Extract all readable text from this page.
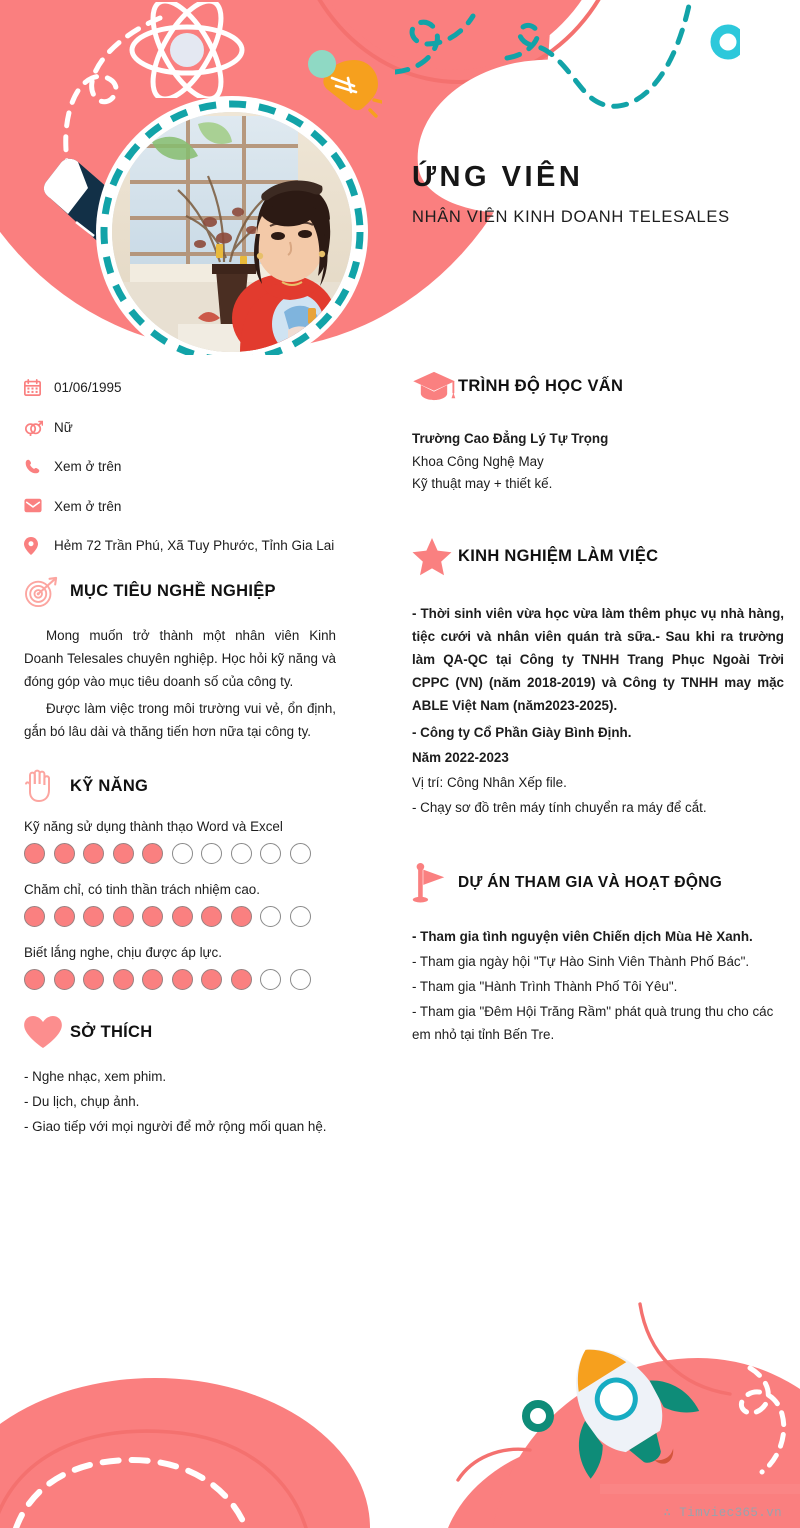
ỨNG VIÊN
NHÂN VIÊN KINH DOANH TELESALES
01/06/1995
Nữ
Xem ở trên
Xem ở trên
Hẻm 72 Trần Phú, Xã Tuy Phước, Tỉnh Gia Lai
MỤC TIÊU NGHỀ NGHIỆP

Mong muốn trở thành một nhân viên Kinh Doanh Telesales chuyên nghiệp. Học hỏi kỹ năng và đóng góp vào mục tiêu doanh số của công ty.

Được làm việc trong môi trường vui vẻ, ổn định, gắn bó lâu dài và thăng tiến hơn nữa tại công ty.

KỸ NĂNG
Kỹ năng sử dụng thành thạo Word và Excel
Chăm chỉ, có tinh thần trách nhiệm cao.
Biết lắng nghe, chịu được áp lực.
SỞ THÍCH

- Nghe nhạc, xem phim.

- Du lịch, chụp ảnh.

- Giao tiếp với mọi người để mở rộng mối quan hệ.

TRÌNH ĐỘ HỌC VẤN

Trường Cao Đẳng Lý Tự Trọng

Khoa Công Nghệ May

Kỹ thuật may + thiết kế.

KINH NGHIỆM LÀM VIỆC

- Thời sinh viên vừa học vừa làm thêm phục vụ nhà hàng, tiệc cưới và nhân viên quán trà sữa.- Sau khi ra trường làm QA-QC tại Công ty TNHH Trang Phục Ngoài Trời CPPC (VN) (năm 2018-2019) và Công ty TNHH may mặc ABLE Việt Nam (năm2023-2025).

- Công ty Cổ Phần Giày Bình Định.

Năm 2022-2023

Vị trí: Công Nhân Xếp file.

- Chạy sơ đồ trên máy tính chuyển ra máy để cắt.

DỰ ÁN THAM GIA VÀ HOẠT ĐỘNG

- Tham gia tình nguyện viên Chiến dịch Mùa Hè Xanh.

- Tham gia ngày hội "Tự Hào Sinh Viên Thành Phố Bác".

- Tham gia "Hành Trình Thành Phố Tôi Yêu".

- Tham gia "Đêm Hội Trăng Rầm" phát quà trung thu cho các em nhỏ tại tỉnh Bến Tre.

∴ Timviec365.vn
